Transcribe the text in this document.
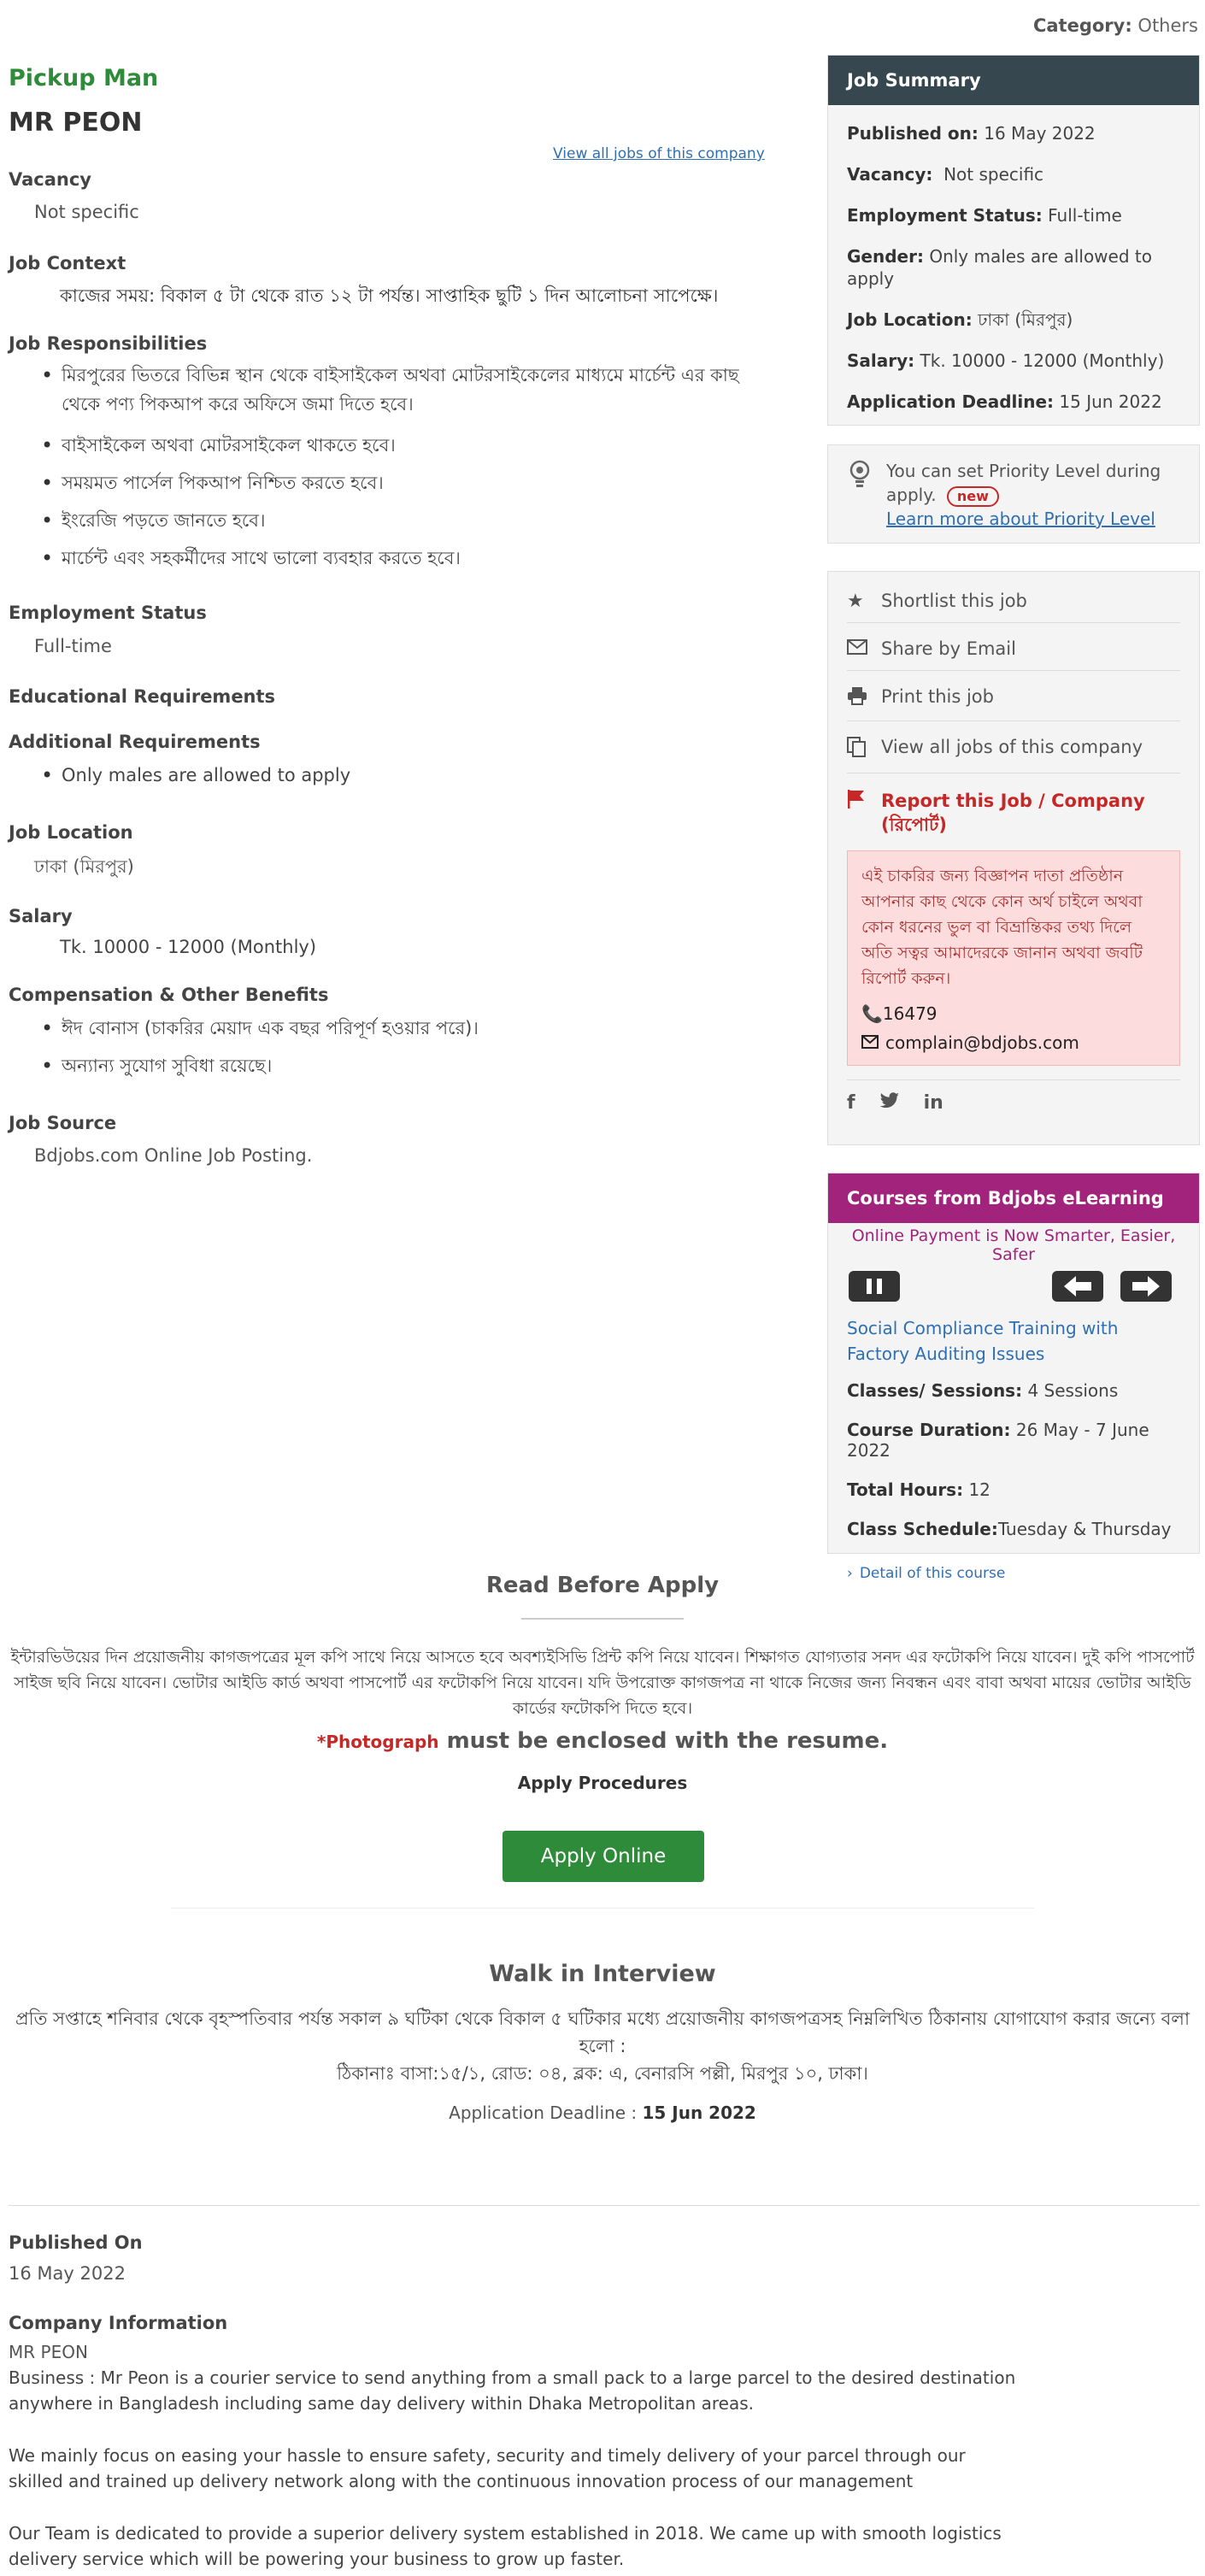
Category: Others
Pickup Man
MR PEON
View all jobs of this company
Vacancy
Not specific
Job Context
কাজের সময়: বিকাল ৫ টা থেকে রাত ১২ টা পর্যন্ত। সাপ্তাহিক ছুটি ১ দিন আলোচনা সাপেক্ষে।
Job Responsibilities
• মিরপুরের ভিতরে বিভিন্ন স্থান থেকে বাইসাইকেল অথবা মোটরসাইকেলের মাধ্যমে মার্চেন্ট এর কাছ থেকে পণ্য পিকআপ করে অফিসে জমা দিতে হবে।
• বাইসাইকেল অথবা মোটরসাইকেল থাকতে হবে।
• সময়মত পার্সেল পিকআপ নিশ্চিত করতে হবে।
• ইংরেজি পড়তে জানতে হবে।
• মার্চেন্ট এবং সহকর্মীদের সাথে ভালো ব্যবহার করতে হবে।
Employment Status
Full-time
Educational Requirements
Additional Requirements
• Only males are allowed to apply
Job Location
ঢাকা (মিরপুর)
Salary
Tk. 10000 - 12000 (Monthly)
Compensation & Other Benefits
• ঈদ বোনাস (চাকরির মেয়াদ এক বছর পরিপূর্ণ হওয়ার পরে)।
• অন্যান্য সুযোগ সুবিধা রয়েছে।
Job Source
Bdjobs.com Online Job Posting.
Job Summary
Published on: 16 May 2022
Vacancy: Not specific
Employment Status: Full-time
Gender: Only males are allowed to apply
Job Location: ঢাকা (মিরপুর)
Salary: Tk. 10000 - 12000 (Monthly)
Application Deadline: 15 Jun 2022
You can set Priority Level during apply. new
Learn more about Priority Level
★ Shortlist this job
Share by Email
Print this job
View all jobs of this company
Report this Job / Company (রিপোর্ট)
এই চাকরির জন্য বিজ্ঞাপন দাতা প্রতিষ্ঠান আপনার কাছ থেকে কোন অর্থ চাইলে অথবা কোন ধরনের ভুল বা বিভ্রান্তিকর তথ্য দিলে অতি সত্বর আমাদেরকে জানান অথবা জবটি রিপোর্ট করুন।
📞16479
complain@bdjobs.com
f	in
Courses from Bdjobs eLearning
Online Payment is Now Smarter, Easier, Safer
Social Compliance Training with Factory Auditing Issues
Classes/ Sessions: 4 Sessions
Course Duration: 26 May - 7 June 2022
Total Hours: 12
Class Schedule:Tuesday & Thursday
› Detail of this course
Read Before Apply
ইন্টারভিউয়ের দিন প্রয়োজনীয় কাগজপত্রের মূল কপি সাথে নিয়ে আসতে হবে অবশ্যইসিভি প্রিন্ট কপি নিয়ে যাবেন। শিক্ষাগত যোগ্যতার সনদ এর ফটোকপি নিয়ে যাবেন। দুই কপি পাসপোর্ট সাইজ ছবি নিয়ে যাবেন। ভোটার আইডি কার্ড অথবা পাসপোর্ট এর ফটোকপি নিয়ে যাবেন। যদি উপরোক্ত কাগজপত্র না থাকে নিজের জন্য নিবন্ধন এবং বাবা অথবা মায়ের ভোটার আইডি কার্ডের ফটোকপি দিতে হবে।
*Photograph must be enclosed with the resume.
Apply Procedures
Apply Online
Walk in Interview
প্রতি সপ্তাহে শনিবার থেকে বৃহস্পতিবার পর্যন্ত সকাল ৯ ঘটিকা থেকে বিকাল ৫ ঘটিকার মধ্যে প্রয়োজনীয় কাগজপত্রসহ নিম্নলিখিত ঠিকানায় যোগাযোগ করার জন্যে বলা হলো :
ঠিকানাঃ বাসা:১৫/১, রোড: ০৪, ব্লক: এ, বেনারসি পল্লী, মিরপুর ১০, ঢাকা।
Application Deadline : 15 Jun 2022
Published On
16 May 2022
Company Information
MR PEON
Business : Mr Peon is a courier service to send anything from a small pack to a large parcel to the desired destination anywhere in Bangladesh including same day delivery within Dhaka Metropolitan areas.
We mainly focus on easing your hassle to ensure safety, security and timely delivery of your parcel through our skilled and trained up delivery network along with the continuous innovation process of our management
Our Team is dedicated to provide a superior delivery system established in 2018. We came up with smooth logistics delivery service which will be powering your business to grow up faster.
